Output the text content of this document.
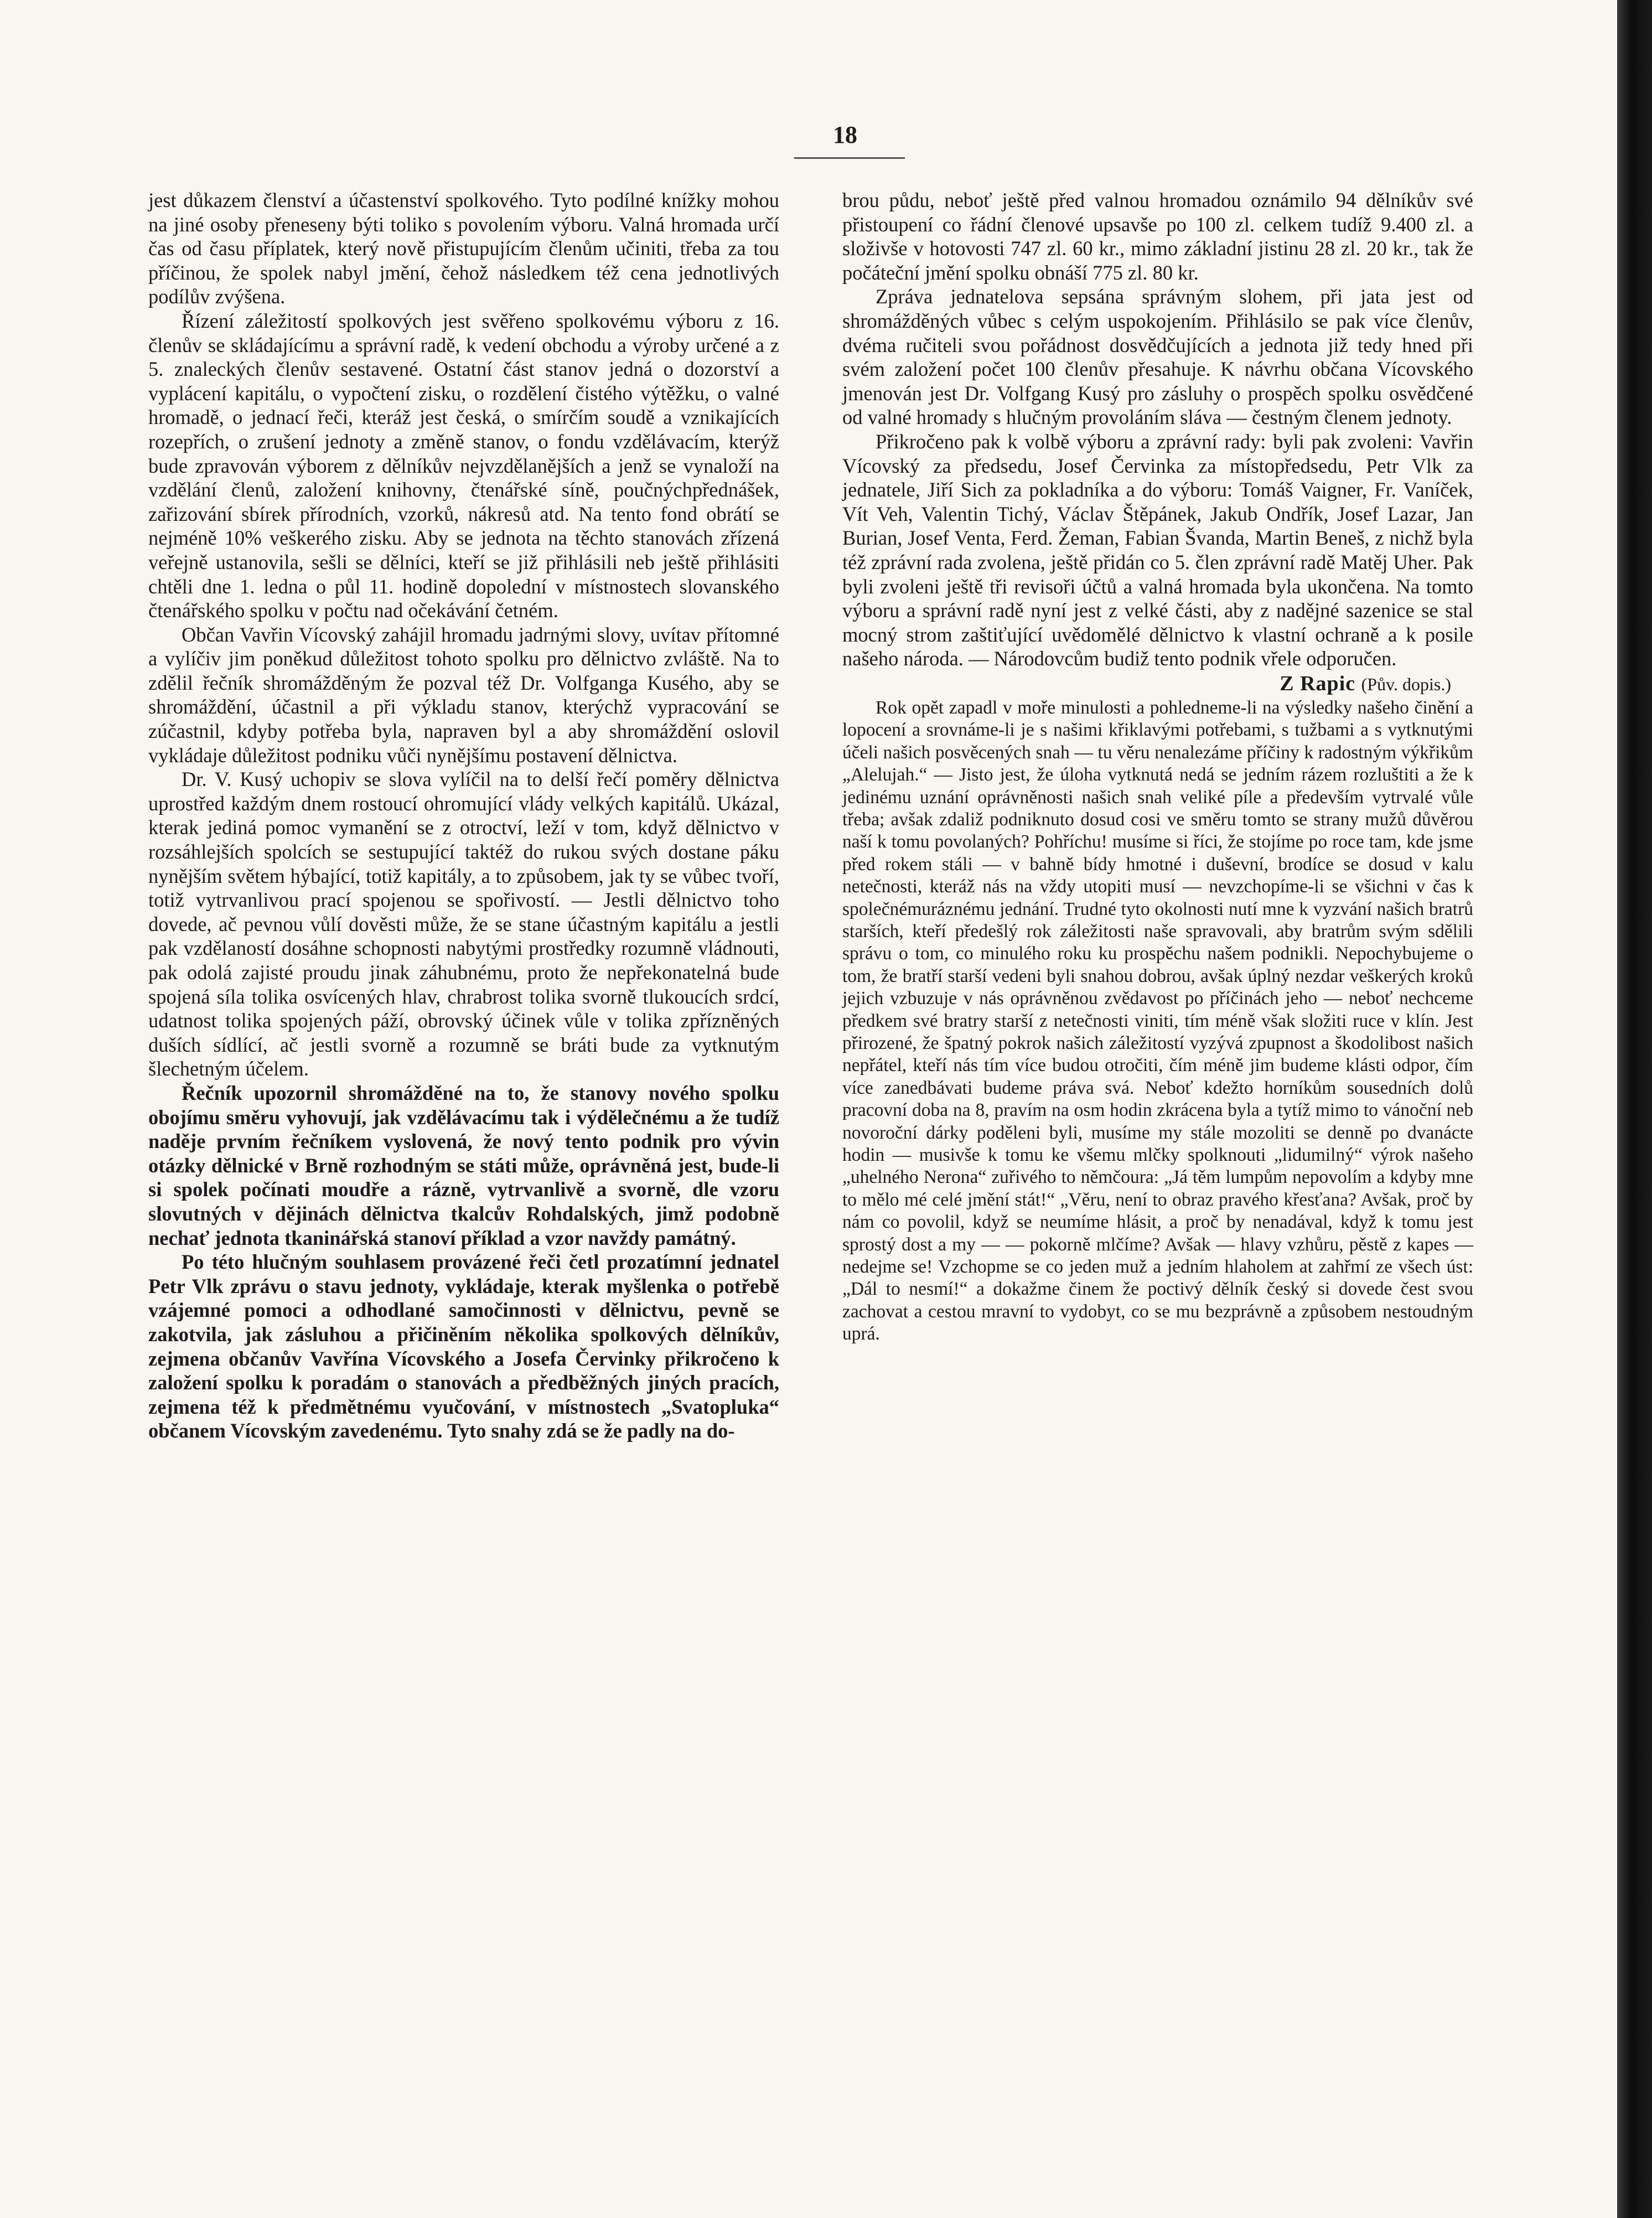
18

jest důkazem členství a účastenství spolkového. Tyto podílné knížky mohou na jiné osoby přeneseny býti toliko s povolením výboru. Valná hromada určí čas od času příplatek, který nově přistupujícím členům učiniti, třeba za tou příčinou, že spolek nabyl jmění, čehož následkem též cena jednotlivých podílův zvýšena.

Řízení záležitostí spolkových jest svěřeno spolkovému výboru z 16. členův se skládajícímu a správní radě, k vedení obchodu a výroby určené a z 5. znaleckých členův sestavené. Ostatní část stanov jedná o dozorství a vyplácení kapitálu, o vypočtení zisku, o rozdělení čistého výtěžku, o valné hromadě, o jednací řeči, kteráž jest česká, o smírčím soudě a vznikajících rozepřích, o zrušení jednoty a změně stanov, o fondu vzdělávacím, kterýž bude zpravován výborem z dělníkův nejvzdělanějších a jenž se vynaloží na vzdělání členů, založení knihovny, čtenářské síně, poučnýchpřednášek, zařizování sbírek přírodních, vzorků, nákresů atd. Na tento fond obrátí se nejméně 10% veškerého zisku. Aby se jednota na těchto stanovách zřízená veřejně ustanovila, sešli se dělníci, kteří se již přihlásili neb ještě přihlásiti chtěli dne 1. ledna o půl 11. hodině dopolední v místnostech slovanského čtenářského spolku v počtu nad očekávání četném.

Občan Vavřin Vícovský zahájil hromadu jadrnými slovy, uvítav přítomné a vylíčiv jim poněkud důležitost tohoto spolku pro dělnictvo zvláště. Na to zdělil řečník shromážděným že pozval též Dr. Volfganga Kusého, aby se shromáždění, účastnil a při výkladu stanov, kterýchž vypracování se zúčastnil, kdyby potřeba byla, napraven byl a aby shromáždění oslovil vykládaje důležitost podniku vůči nynějšímu postavení dělnictva.

Dr. V. Kusý uchopiv se slova vylíčil na to delší řečí poměry dělnictva uprostřed každým dnem rostoucí ohromující vlády velkých kapitálů. Ukázal, kterak jediná pomoc vymanění se z otroctví, leží v tom, když dělnictvo v rozsáhlejších spolcích se sestupující taktéž do rukou svých dostane páku nynějším světem hýbající, totiž kapitály, a to způsobem, jak ty se vůbec tvoří, totiž vytrvanlivou prací spojenou se spořivostí. — Jestli dělnictvo toho dovede, ač pevnou vůlí dověsti může, že se stane účastným kapitálu a jestli pak vzdělaností dosáhne schopnosti nabytými prostředky rozumně vládnouti, pak odolá zajisté proudu jinak záhubnému, proto že nepřekonatelná bude spojená síla tolika osvícených hlav, chrabrost tolika svorně tlukoucích srdcí, udatnost tolika spojených páží, obrovský účinek vůle v tolika zpřízněných duších sídlící, ač jestli svorně a rozumně se bráti bude za vytknutým šlechetným účelem.

Řečník upozornil shromážděné na to, že stanovy nového spolku obojímu směru vyhovují, jak vzdělávacímu tak i výdělečnému a že tudíž naděje prvním řečníkem vyslovená, že nový tento podnik pro vývin otázky dělnické v Brně rozhodným se státi může, oprávněná jest, bude-li si spolek počínati moudře a rázně, vytrvanlivě a svorně, dle vzoru slovutných v dějinách dělnictva tkalcův Rohdalských, jimž podobně nechať jednota tkaninářská stanoví příklad a vzor navždy památný.

Po této hlučným souhlasem provázené řeči četl prozatímní jednatel Petr Vlk zprávu o stavu jednoty, vykládaje, kterak myšlenka o potřebě vzájemné pomoci a odhodlané samočinnosti v dělnictvu, pevně se zakotvila, jak zásluhou a přičiněním několika spolkových dělníkův, zejmena občanův Vavřína Vícovského a Josefa Červinky přikročeno k založení spolku k poradám o stanovách a předběžných jiných pracích, zejmena též k předmětnému vyučování, v místnostech „Svatopluka“ občanem Vícovským zavedenému. Tyto snahy zdá se že padly na do-

brou půdu, neboť ještě před valnou hromadou oznámilo 94 dělníkův své přistoupení co řádní členové upsavše po 100 zl. celkem tudíž 9.400 zl. a složivše v hotovosti 747 zl. 60 kr., mimo základní jistinu 28 zl. 20 kr., tak že počáteční jmění spolku obnáší 775 zl. 80 kr.

Zpráva jednatelova sepsána správným slohem, při jata jest od shromážděných vůbec s celým uspokojením. Přihlásilo se pak více členův, dvéma ručiteli svou pořádnost dosvědčujících a jednota již tedy hned při svém založení počet 100 členův přesahuje. K návrhu občana Vícovského jmenován jest Dr. Volfgang Kusý pro zásluhy o prospěch spolku osvědčené od valné hromady s hlučným provoláním sláva — čestným členem jednoty.

Přikročeno pak k volbě výboru a zprávní rady: byli pak zvoleni: Vavřin Vícovský za předsedu, Josef Červinka za místopředsedu, Petr Vlk za jednatele, Jiří Sich za pokladníka a do výboru: Tomáš Vaigner, Fr. Vaníček, Vít Veh, Valentin Tichý, Václav Štěpánek, Jakub Ondřík, Josef Lazar, Jan Burian, Josef Venta, Ferd. Žeman, Fabian Švanda, Martin Beneš, z nichž byla též zprávní rada zvolena, ještě přidán co 5. člen zprávní radě Matěj Uher. Pak byli zvoleni ještě tři revisoři účtů a valná hromada byla ukončena. Na tomto výboru a správní radě nyní jest z velké části, aby z nadějné sazenice se stal mocný strom zaštiťující uvědomělé dělnictvo k vlastní ochraně a k posile našeho národa. — Národovcům budiž tento podnik vřele odporučen.

Z Rapic (Pův. dopis.)

Rok opět zapadl v moře minulosti a pohledneme-li na výsledky našeho činění a lopocení a srovnáme-li je s našimi křiklavými potřebami, s tužbami a s vytknutými účeli našich posvěcených snah — tu věru nenalezáme příčiny k radostným výkřikům „Alelujah.“ — Jisto jest, že úloha vytknutá nedá se jedním rázem rozluštiti a že k jedinému uznání oprávněnosti našich snah veliké píle a především vytrvalé vůle třeba; avšak zdaliž podniknuto dosud cosi ve směru tomto se strany mužů důvěrou naší k tomu povolaných? Pohříchu! musíme si říci, že stojíme po roce tam, kde jsme před rokem stáli — v bahně bídy hmotné i duševní, brodíce se dosud v kalu netečnosti, kteráž nás na vždy utopiti musí — nevzchopíme-li se všichni v čas k společnémuráznému jednání. Trudné tyto okolnosti nutí mne k vyzvání našich bratrů starších, kteří předešlý rok záležitosti naše spravovali, aby bratrům svým sdělili správu o tom, co minulého roku ku prospěchu našem podnikli. Nepochybujeme o tom, že bratří starší vedeni byli snahou dobrou, avšak úplný nezdar veškerých kroků jejich vzbuzuje v nás oprávněnou zvědavost po příčinách jeho — neboť nechceme předkem své bratry starší z netečnosti viniti, tím méně však složiti ruce v klín. Jest přirozené, že špatný pokrok našich záležitostí vyzývá zpupnost a škodolibost našich nepřátel, kteří nás tím více budou otročiti, čím méně jim budeme klásti odpor, čím více zanedbávati budeme práva svá. Neboť kdežto horníkům sousedních dolů pracovní doba na 8, pravím na osm hodin zkrácena byla a tytíž mimo to vánoční neb novoroční dárky poděleni byli, musíme my stále mozoliti se denně po dvanácte hodin — musivše k tomu ke všemu mlčky spolknouti „lidumilný“ výrok našeho „uhelného Nerona“ zuřivého to němčoura: „Já těm lumpům nepovolím a kdyby mne to mělo mé celé jmění stát!“ „Věru, není to obraz pravého křesťana? Avšak, proč by nám co povolil, když se neumíme hlásit, a proč by nenadával, když k tomu jest sprostý dost a my — — pokorně mlčíme? Avšak — hlavy vzhůru, pěstě z kapes — nedejme se! Vzchopme se co jeden muž a jedním hlaholem at zahřmí ze všech úst: „Dál to nesmí!“ a dokažme činem že poctivý dělník český si dovede čest svou zachovat a cestou mravní to vydobyt, co se mu bezprávně a způsobem nestoudným uprá.
